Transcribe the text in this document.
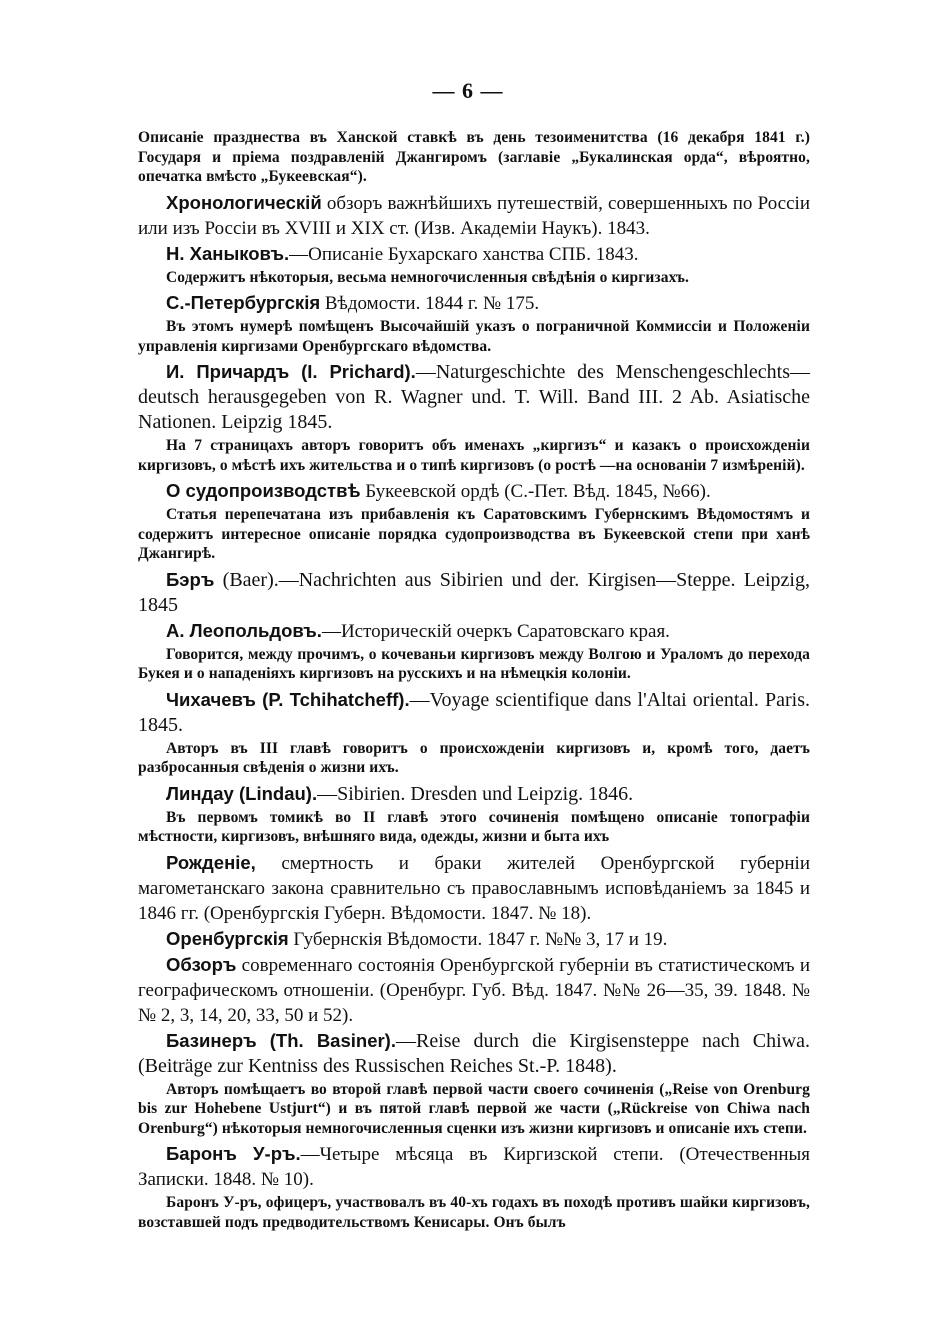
— 6 —

Описаніе празднества въ Ханской ставкѣ въ день тезоименитства (16 декабря 1841 г.) Государя и пріема поздравленій Джангиромъ (заглавіе „Букалинская орда“, вѣроятно, опечатка вмѣсто „Букеевская“).

Хронологическій обзоръ важнѣйшихъ путешествій, совершенныхъ по Россіи или изъ Россіи въ XVIII и XIX ст. (Изв. Академіи Наукъ). 1843.

Н. Ханыковъ.—Описаніе Бухарскаго ханства СПБ. 1843.

Содержитъ нѣкоторыя, весьма немногочисленныя свѣдѣнія о киргизахъ.

С.-Петербургскія Вѣдомости. 1844 г. № 175.

Въ этомъ нумерѣ помѣщенъ Высочайшій указъ о пограничной Коммиссіи и Положеніи управленія киргизами Оренбургскаго вѣдомства.

И. Причардъ (I. Prichard).—Naturgeschichte des Menschengeschlechts—deutsch herausgegeben von R. Wagner und. T. Will. Band III. 2 Ab. Asiatische Nationen. Leipzig 1845.

На 7 страницахъ авторъ говоритъ объ именахъ „киргизъ“ и казакъ о происхожденіи киргизовъ, о мѣстѣ ихъ жительства и о типѣ киргизовъ (о ростѣ —на основаніи 7 измѣреній).

О судопроизводствѣ Букеевской ордѣ (С.-Пет. Вѣд. 1845, №66).

Статья перепечатана изъ прибавленія къ Саратовскимъ Губернскимъ Вѣдомостямъ и содержитъ интересное описаніе порядка судопроизводства въ Букеевской степи при ханѣ Джангирѣ.

Бэръ (Baer).—Nachrichten aus Sibirien und der. Kirgisen—Steppe. Leipzig, 1845

А. Леопольдовъ.—Историческій очеркъ Саратовскаго края.

Говорится, между прочимъ, о кочеваньи киргизовъ между Волгою и Ураломъ до перехода Букея и о нападеніяхъ киргизовъ на русскихъ и на нѣмецкія колоніи.

Чихачевъ (P. Tchihatcheff).—Voyage scientifique dans l'Altai oriental. Paris. 1845.

Авторъ въ III главѣ говоритъ о происхожденіи киргизовъ и, кромѣ того, даетъ разбросанныя свѣденія о жизни ихъ.

Линдау (Lindau).—Sibirien. Dresden und Leipzig. 1846.

Въ первомъ томикѣ во II главѣ этого сочиненія помѣщено описаніе топографіи мѣстности, киргизовъ, внѣшняго вида, одежды, жизни и быта ихъ

Рожденіе, смертность и браки жителей Оренбургской губерніи магометанскаго закона сравнительно съ православнымъ исповѣданіемъ за 1845 и 1846 гг. (Оренбургскія Губерн. Вѣдомости. 1847. № 18).

Оренбургскія Губернскія Вѣдомости. 1847 г. №№ 3, 17 и 19.

Обзоръ современнаго состоянія Оренбургской губерніи въ статистическомъ и географическомъ отношеніи. (Оренбург. Губ. Вѣд. 1847. №№ 26—35, 39. 1848. №№ 2, 3, 14, 20, 33, 50 и 52).

Базинеръ (Th. Basiner).—Reise durch die Kirgisensteppe nach Chiwa. (Beiträge zur Kentniss des Russischen Reiches St.-P. 1848).

Авторъ помѣщаетъ во второй главѣ первой части своего сочиненія („Reise von Orenburg bis zur Hohebene Ustjurt“) и въ пятой главѣ первой же части („Rückreise von Chiwa nach Orenburg“) нѣкоторыя немногочисленныя сценки изъ жизни киргизовъ и описаніе ихъ степи.

Баронъ У-ръ.—Четыре мѣсяца въ Киргизской степи. (Отечественныя Записки. 1848. № 10).

Баронъ У-ръ, офицеръ, участвовалъ въ 40-хъ годахъ въ походѣ противъ шайки киргизовъ, возставшей подъ предводительствомъ Кенисары. Онъ былъ
